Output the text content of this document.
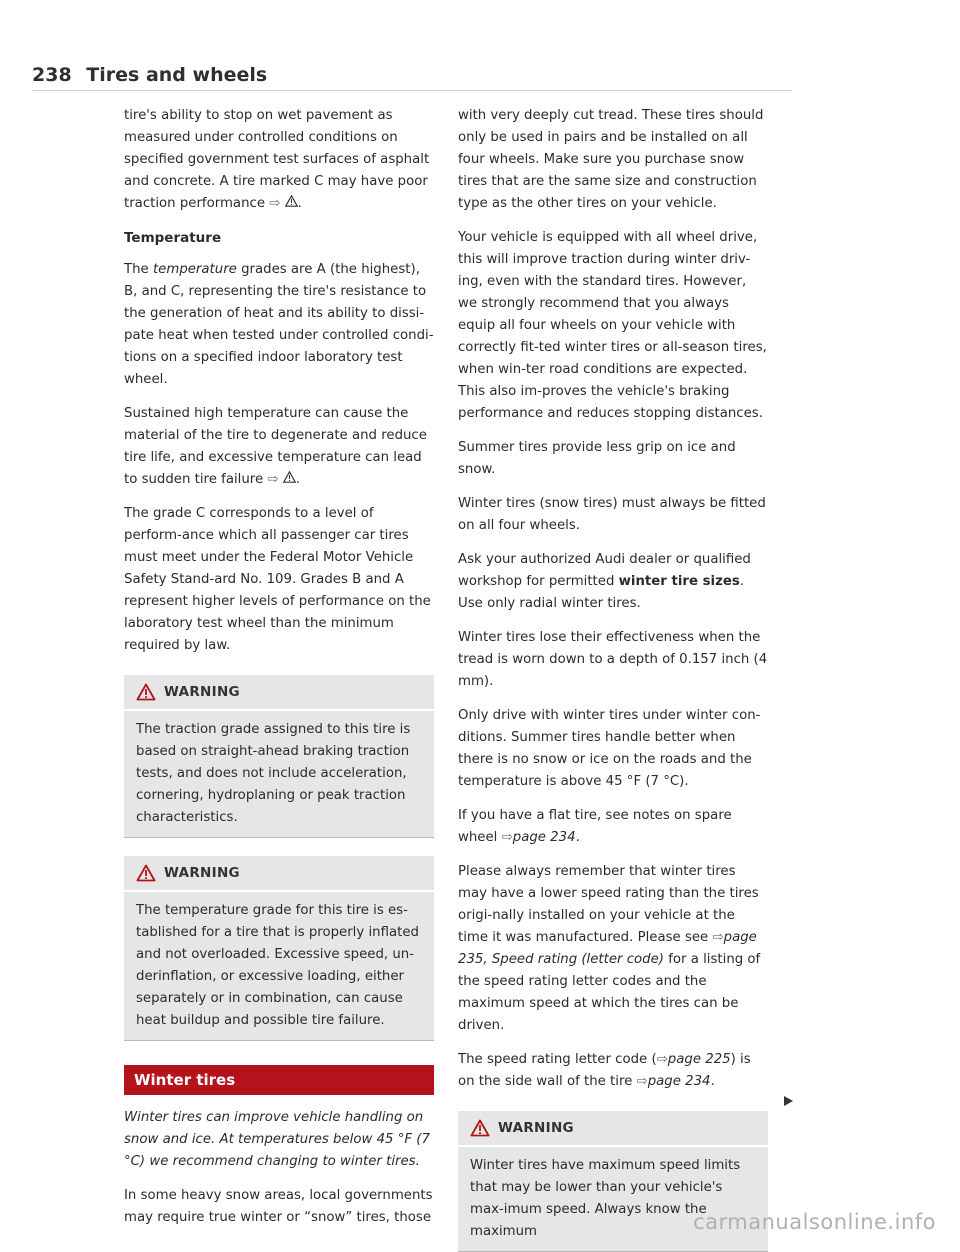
238 Tires and wheels

tire's ability to stop on wet pavement as measured under controlled conditions on specified government test surfaces of asphalt and concrete. A tire marked C may have poor traction performance ⇨ .

Temperature

The temperature grades are A (the highest), B, and C, representing the tire's resistance to the generation of heat and its ability to dissi-pate heat when tested under controlled condi-tions on a specified indoor laboratory test wheel.

Sustained high temperature can cause the material of the tire to degenerate and reduce tire life, and excessive temperature can lead to sudden tire failure ⇨ .

The grade C corresponds to a level of perform-ance which all passenger car tires must meet under the Federal Motor Vehicle Safety Stand-ard No. 109. Grades B and A represent higher levels of performance on the laboratory test wheel than the minimum required by law.

WARNING

The traction grade assigned to this tire is based on straight-ahead braking traction tests, and does not include acceleration, cornering, hydroplaning or peak traction characteristics.

WARNING

The temperature grade for this tire is es-tablished for a tire that is properly inflated and not overloaded. Excessive speed, un-derinflation, or excessive loading, either separately or in combination, can cause heat buildup and possible tire failure.

Winter tires

Winter tires can improve vehicle handling on snow and ice. At temperatures below 45 °F (7 °C) we recommend changing to winter tires.

In some heavy snow areas, local governments may require true winter or “snow” tires, those

with very deeply cut tread. These tires should only be used in pairs and be installed on all four wheels. Make sure you purchase snow tires that are the same size and construction type as the other tires on your vehicle.

Your vehicle is equipped with all wheel drive, this will improve traction during winter driv-ing, even with the standard tires. However, we strongly recommend that you always equip all four wheels on your vehicle with correctly fit-ted winter tires or all-season tires, when win-ter road conditions are expected. This also im-proves the vehicle's braking performance and reduces stopping distances.

Summer tires provide less grip on ice and snow.

Winter tires (snow tires) must always be fitted on all four wheels.

Ask your authorized Audi dealer or qualified workshop for permitted winter tire sizes. Use only radial winter tires.

Winter tires lose their effectiveness when the tread is worn down to a depth of 0.157 inch (4 mm).

Only drive with winter tires under winter con-ditions. Summer tires handle better when there is no snow or ice on the roads and the temperature is above 45 °F (7 °C).

If you have a flat tire, see notes on spare wheel ⇨page 234.

Please always remember that winter tires may have a lower speed rating than the tires origi-nally installed on your vehicle at the time it was manufactured. Please see ⇨page 235, Speed rating (letter code) for a listing of the speed rating letter codes and the maximum speed at which the tires can be driven.

The speed rating letter code (⇨page 225) is on the side wall of the tire ⇨page 234.

WARNING

Winter tires have maximum speed limits that may be lower than your vehicle's max-imum speed. Always know the maximum	carmanualsonline.info
